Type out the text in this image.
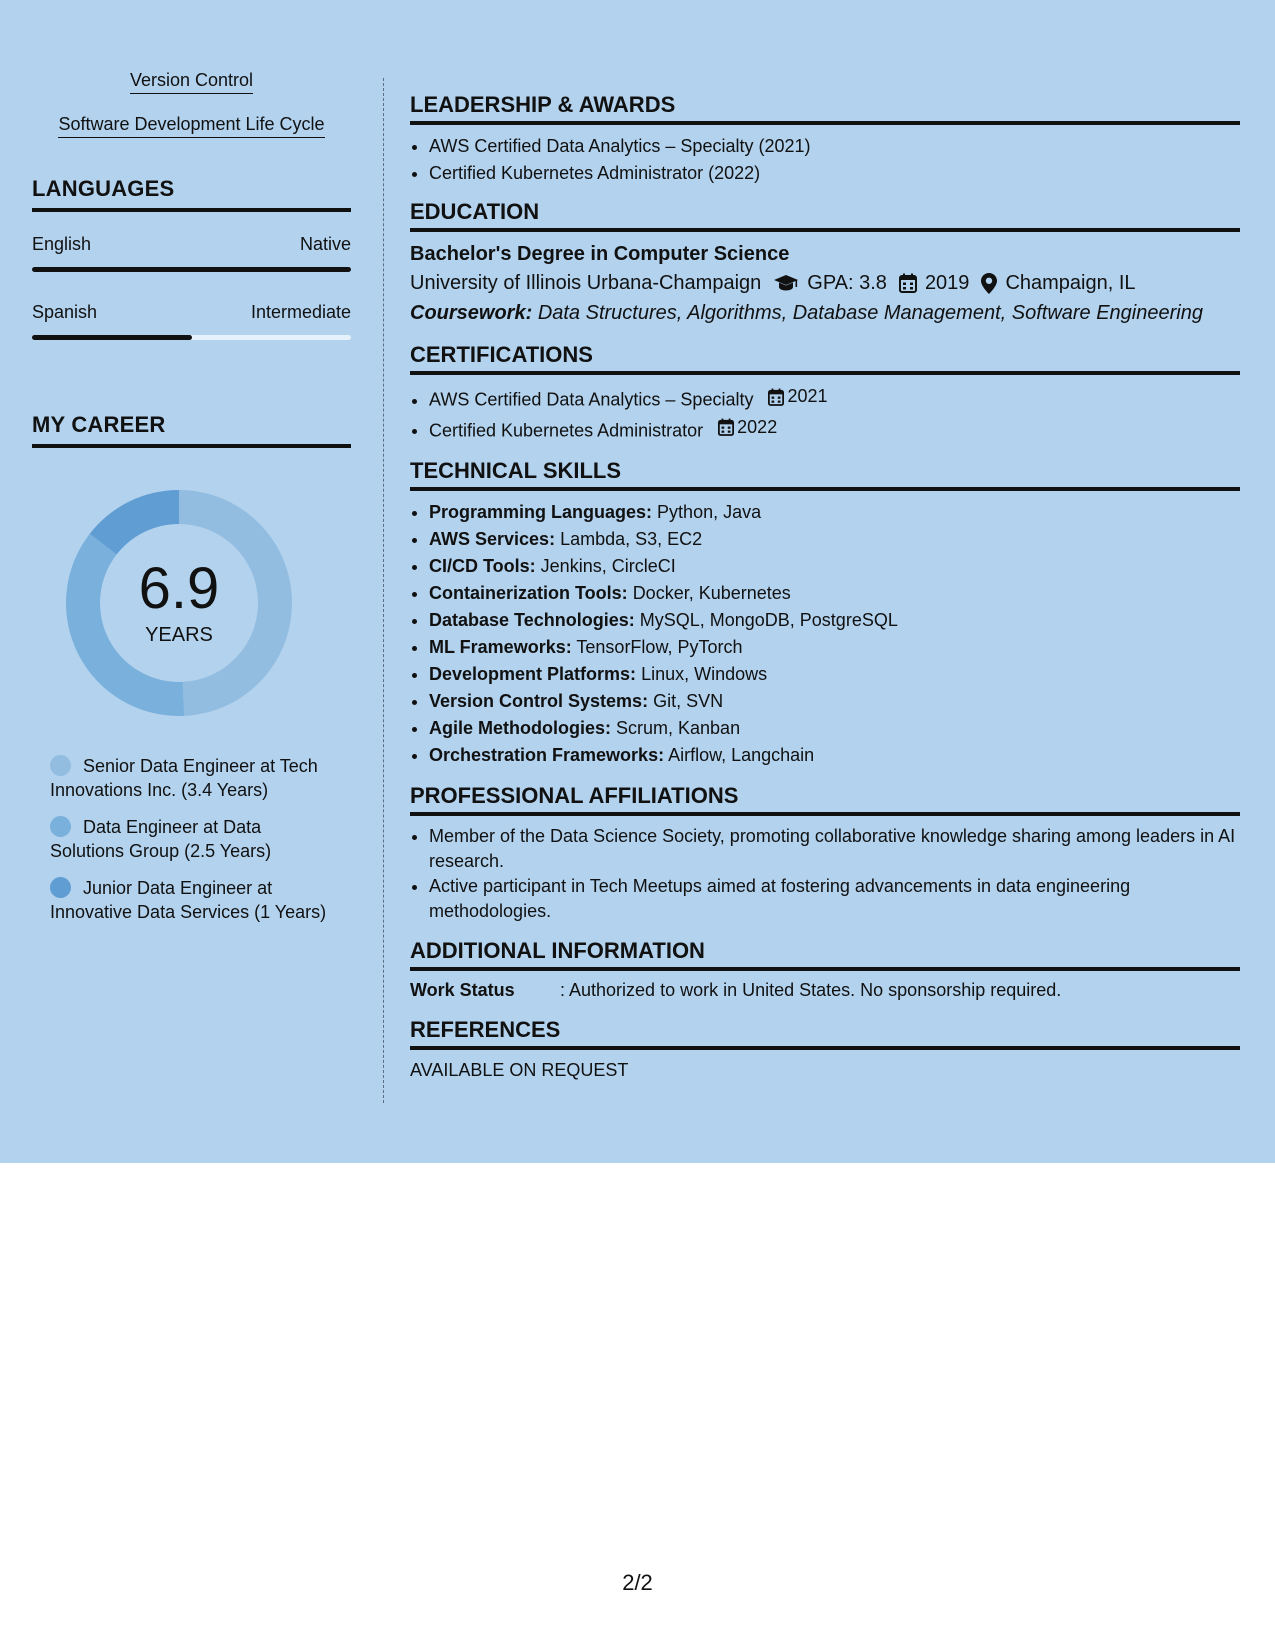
Version Control
Software Development Life Cycle
LANGUAGES
English	Native
Spanish	Intermediate
MY CAREER
6.9
YEARS
Senior Data Engineer at Tech Innovations Inc. (3.4 Years)
Data Engineer at Data Solutions Group (2.5 Years)
Junior Data Engineer at Innovative Data Services (1 Years)
LEADERSHIP & AWARDS
• AWS Certified Data Analytics – Specialty (2021)
• Certified Kubernetes Administrator (2022)
EDUCATION
Bachelor's Degree in Computer Science
University of Illinois Urbana-Champaign GPA: 3.8 2019 Champaign, IL
Coursework: Data Structures, Algorithms, Database Management, Software Engineering
CERTIFICATIONS
• AWS Certified Data Analytics – Specialty 2021
• Certified Kubernetes Administrator 2022
TECHNICAL SKILLS
• Programming Languages: Python, Java
• AWS Services: Lambda, S3, EC2
• CI/CD Tools: Jenkins, CircleCI
• Containerization Tools: Docker, Kubernetes
• Database Technologies: MySQL, MongoDB, PostgreSQL
• ML Frameworks: TensorFlow, PyTorch
• Development Platforms: Linux, Windows
• Version Control Systems: Git, SVN
• Agile Methodologies: Scrum, Kanban
• Orchestration Frameworks: Airflow, Langchain
PROFESSIONAL AFFILIATIONS
• Member of the Data Science Society, promoting collaborative knowledge sharing among leaders in AI research.
• Active participant in Tech Meetups aimed at fostering advancements in data engineering methodologies.
ADDITIONAL INFORMATION
Work Status	: Authorized to work in United States. No sponsorship required.
REFERENCES
AVAILABLE ON REQUEST
2/2
